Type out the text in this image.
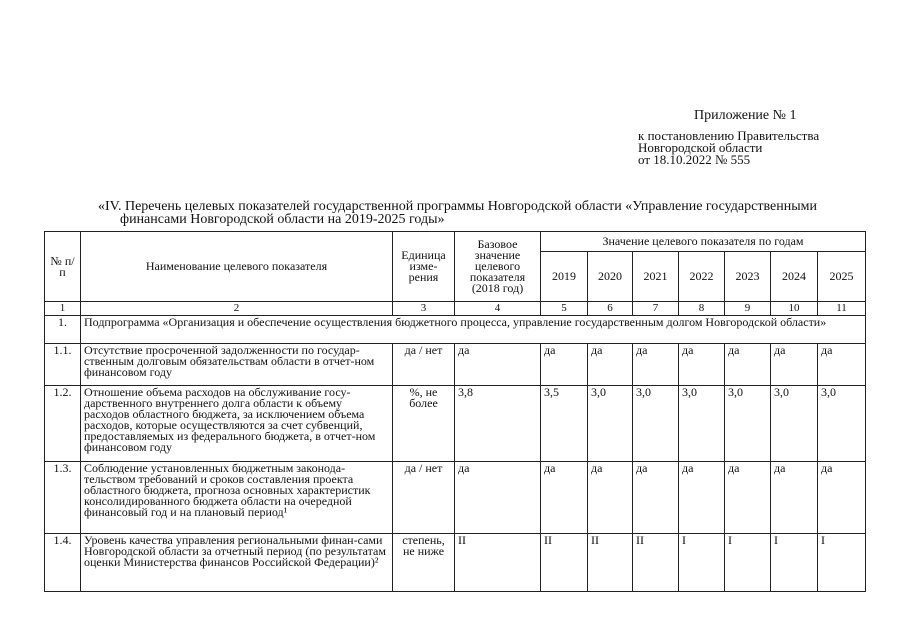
Приложение № 1
к постановлению Правительства
Новгородской области
от 18.10.2022 № 555
«IV. Перечень целевых показателей государственной программы Новгородской области «Управление государственными
финансами Новгородской области на 2019-2025 годы»
№ п/п	Наименование целевого показателя	Единица изме-рения	Базовое значение целевого показателя (2018 год)	Значение целевого показателя по годам						
				2019	2020	2021	2022	2023	2024	2025
1	2	3	4	5	6	7	8	9	10	11
1.	Подпрограмма «Организация и обеспечение осуществления бюджетного процесса, управление государственным долгом Новгородской области»									
1.1.	Отсутствие просроченной задолженности по государ-ственным долговым обязательствам области в отчет-ном финансовом году	да / нет	да	да	да	да	да	да	да	да
1.2.	Отношение объема расходов на обслуживание госу-дарственного внутреннего долга области к объему расходов областного бюджета, за исключением объема расходов, которые осуществляются за счет субвенций, предоставляемых из федерального бюджета, в отчет-ном финансовом году	%, не более	3,8	3,5	3,0	3,0	3,0	3,0	3,0	3,0
1.3.	Соблюдение установленных бюджетным законода-тельством требований и сроков составления проекта областного бюджета, прогноза основных характеристик консолидированного бюджета области на очередной финансовый год и на плановый период¹	да / нет	да	да	да	да	да	да	да	да
1.4.	Уровень качества управления региональными финан-сами Новгородской области за отчетный период (по результатам оценки Министерства финансов Российской Федерации)²	степень, не ниже	II	II	II	II	I	I	I	I
